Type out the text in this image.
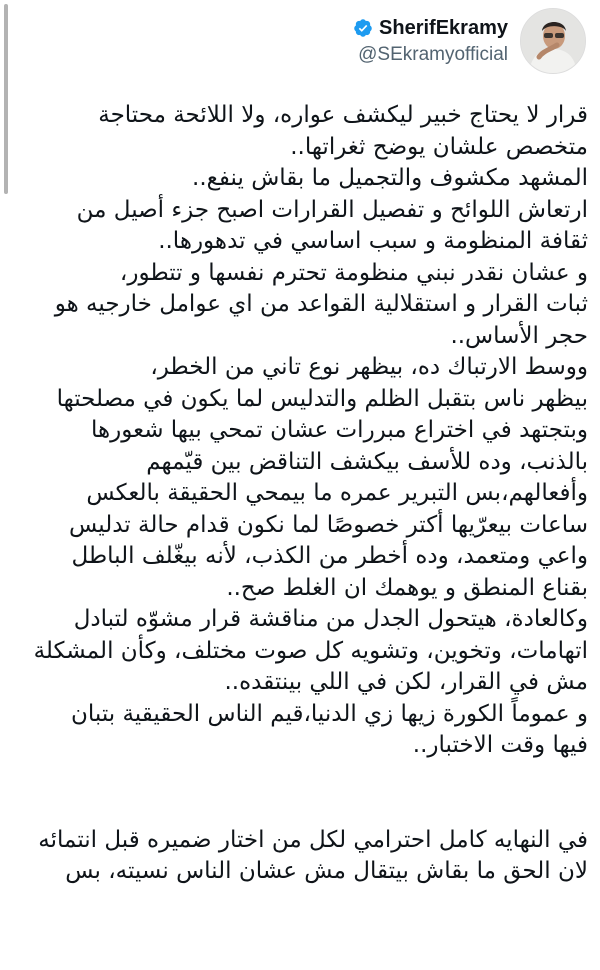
SherifEkramy
@SEkramyofficial

قرار لا يحتاج خبير ليكشف عواره، ولا اللائحة محتاجة

متخصص علشان يوضح ثغراتها..

المشهد مكشوف والتجميل ما بقاش ينفع..

ارتعاش اللوائح و تفصيل القرارات اصبح جزء أصيل من

ثقافة المنظومة و سبب اساسي في تدهورها..

و عشان نقدر نبني منظومة تحترم نفسها و تتطور،

ثبات القرار و استقلالية القواعد من اي عوامل خارجيه هو

حجر الأساس..

ووسط الارتباك ده، بيظهر نوع تاني من الخطر،

بيظهر ناس بتقبل الظلم والتدليس لما يكون في مصلحتها

وبتجتهد في اختراع مبررات عشان تمحي بيها شعورها

بالذنب، وده للأسف بيكشف التناقض بين قيّمهم

وأفعالهم،بس التبرير عمره ما بيمحي الحقيقة بالعكس

ساعات بيعرّيها أكتر خصوصًا لما نكون قدام حالة تدليس

واعي ومتعمد، وده أخطر من الكذب، لأنه بيغّلف الباطل

بقناع المنطق و يوهمك ان الغلط صح..

وكالعادة، هيتحول الجدل من مناقشة قرار مشوّه لتبادل

اتهامات، وتخوين، وتشويه كل صوت مختلف، وكأن المشكلة

مش في القرار، لكن في اللي بينتقده..

و عموماً الكورة زيها زي الدنيا،قيم الناس الحقيقية بتبان

فيها وقت الاختبار..

في النهايه كامل احترامي لكل من اختار ضميره قبل انتمائه

لان الحق ما بقاش بيتقال مش عشان الناس نسيته، بس
